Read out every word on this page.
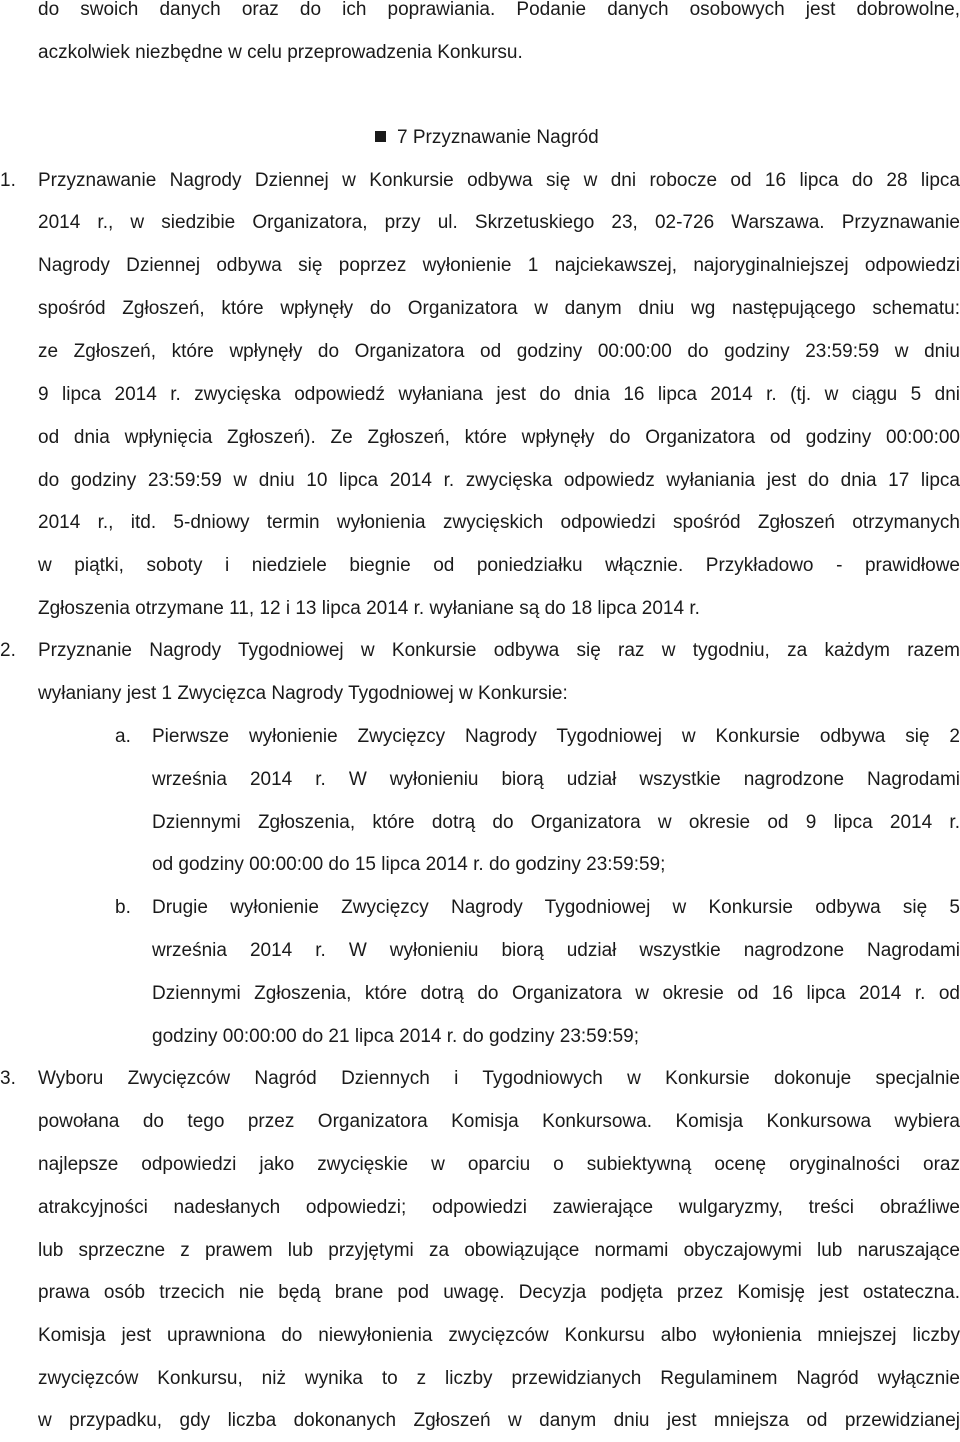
do swoich danych oraz do ich poprawiania. Podanie danych osobowych jest dobrowolne,
aczkolwiek niezbędne w celu przeprowadzenia Konkursu.
7 Przyznawanie Nagród
1. Przyznawanie Nagrody Dziennej w Konkursie odbywa się w dni robocze od 16 lipca do 28 lipca
2014 r., w siedzibie Organizatora, przy ul. Skrzetuskiego 23, 02-726 Warszawa. Przyznawanie
Nagrody Dziennej odbywa się poprzez wyłonienie 1 najciekawszej, najoryginalniejszej odpowiedzi
spośród Zgłoszeń, które wpłynęły do Organizatora w danym dniu wg następującego schematu:
ze Zgłoszeń, które wpłynęły do Organizatora od godziny 00:00:00 do godziny 23:59:59 w dniu
9 lipca 2014 r. zwycięska odpowiedź wyłaniana jest do dnia 16 lipca 2014 r. (tj. w ciągu 5 dni
od dnia wpłynięcia Zgłoszeń). Ze Zgłoszeń, które wpłynęły do Organizatora od godziny 00:00:00
do godziny 23:59:59 w dniu 10 lipca 2014 r. zwycięska odpowiedz wyłaniania jest do dnia 17 lipca
2014 r., itd. 5-dniowy termin wyłonienia zwycięskich odpowiedzi spośród Zgłoszeń otrzymanych
w piątki, soboty i niedziele biegnie od poniedziałku włącznie. Przykładowo - prawidłowe
Zgłoszenia otrzymane 11, 12 i 13 lipca 2014 r. wyłaniane są do 18 lipca 2014 r.
2. Przyznanie Nagrody Tygodniowej w Konkursie odbywa się raz w tygodniu, za każdym razem
wyłaniany jest 1 Zwycięzca Nagrody Tygodniowej w Konkursie:
a. Pierwsze wyłonienie Zwycięzcy Nagrody Tygodniowej w Konkursie odbywa się 2
września 2014 r. W wyłonieniu biorą udział wszystkie nagrodzone Nagrodami
Dziennymi Zgłoszenia, które dotrą do Organizatora w okresie od 9 lipca 2014 r.
od godziny 00:00:00 do 15 lipca 2014 r. do godziny 23:59:59;
b. Drugie wyłonienie Zwycięzcy Nagrody Tygodniowej w Konkursie odbywa się 5
września 2014 r. W wyłonieniu biorą udział wszystkie nagrodzone Nagrodami
Dziennymi Zgłoszenia, które dotrą do Organizatora w okresie od 16 lipca 2014 r. od
godziny 00:00:00 do 21 lipca 2014 r. do godziny 23:59:59;
3. Wyboru Zwycięzców Nagród Dziennych i Tygodniowych w Konkursie dokonuje specjalnie
powołana do tego przez Organizatora Komisja Konkursowa. Komisja Konkursowa wybiera
najlepsze odpowiedzi jako zwycięskie w oparciu o subiektywną ocenę oryginalności oraz
atrakcyjności nadesłanych odpowiedzi; odpowiedzi zawierające wulgaryzmy, treści obraźliwe
lub sprzeczne z prawem lub przyjętymi za obowiązujące normami obyczajowymi lub naruszające
prawa osób trzecich nie będą brane pod uwagę. Decyzja podjęta przez Komisję jest ostateczna.
Komisja jest uprawniona do niewyłonienia zwycięzców Konkursu albo wyłonienia mniejszej liczby
zwycięzców Konkursu, niż wynika to z liczby przewidzianych Regulaminem Nagród wyłącznie
w przypadku, gdy liczba dokonanych Zgłoszeń w danym dniu jest mniejsza od przewidzianej
